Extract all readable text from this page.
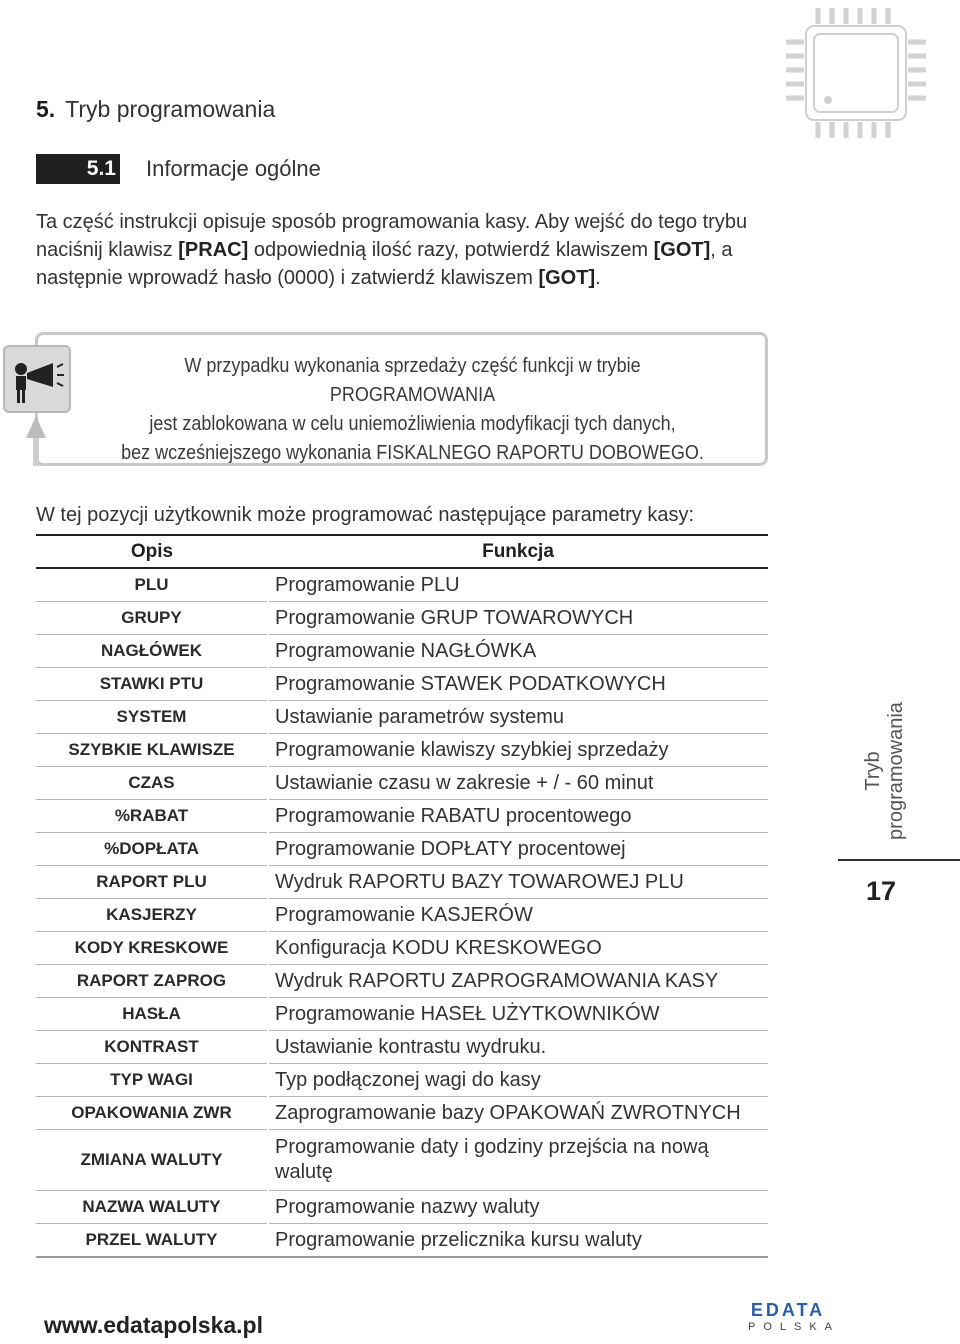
5. Tryb programowania
5.1 Informacje ogólne
Ta część instrukcji opisuje sposób programowania kasy. Aby wejść do tego trybu naciśnij klawisz [PRAC] odpowiednią ilość razy, potwierdź klawiszem [GOT], a następnie wprowadź hasło (0000) i zatwierdź klawiszem [GOT].
W przypadku wykonania sprzedaży część funkcji w trybie PROGRAMOWANIA
jest zablokowana w celu uniemożliwienia modyfikacji tych danych,
bez wcześniejszego wykonania FISKALNEGO RAPORTU DOBOWEGO.
W tej pozycji użytkownik może programować następujące parametry kasy:
Opis	Funkcja
PLU	Programowanie PLU
GRUPY	Programowanie GRUP TOWAROWYCH
NAGŁÓWEK	Programowanie NAGŁÓWKA
STAWKI PTU	Programowanie STAWEK PODATKOWYCH
SYSTEM	Ustawianie parametrów systemu
SZYBKIE KLAWISZE	Programowanie klawiszy szybkiej sprzedaży
CZAS	Ustawianie czasu w zakresie + / - 60 minut
%RABAT	Programowanie RABATU procentowego
%DOPŁATA	Programowanie DOPŁATY procentowej
RAPORT PLU	Wydruk RAPORTU BAZY TOWAROWEJ PLU
KASJERZY	Programowanie KASJERÓW
KODY KRESKOWE	Konfiguracja KODU KRESKOWEGO
RAPORT ZAPROG	Wydruk RAPORTU ZAPROGRAMOWANIA KASY
HASŁA	Programowanie HASEŁ UŻYTKOWNIKÓW
KONTRAST	Ustawianie kontrastu wydruku.
TYP WAGI	Typ podłączonej wagi do kasy
OPAKOWANIA ZWR	Zaprogramowanie bazy OPAKOWAŃ ZWROTNYCH
ZMIANA WALUTY	Programowanie daty i godziny przejścia na nową walutę
NAZWA WALUTY	Programowanie nazwy waluty
PRZEL WALUTY	Programowanie przelicznika kursu waluty
Tryb programowania
17
www.edatapolska.pl
EDATA
POLSKA
